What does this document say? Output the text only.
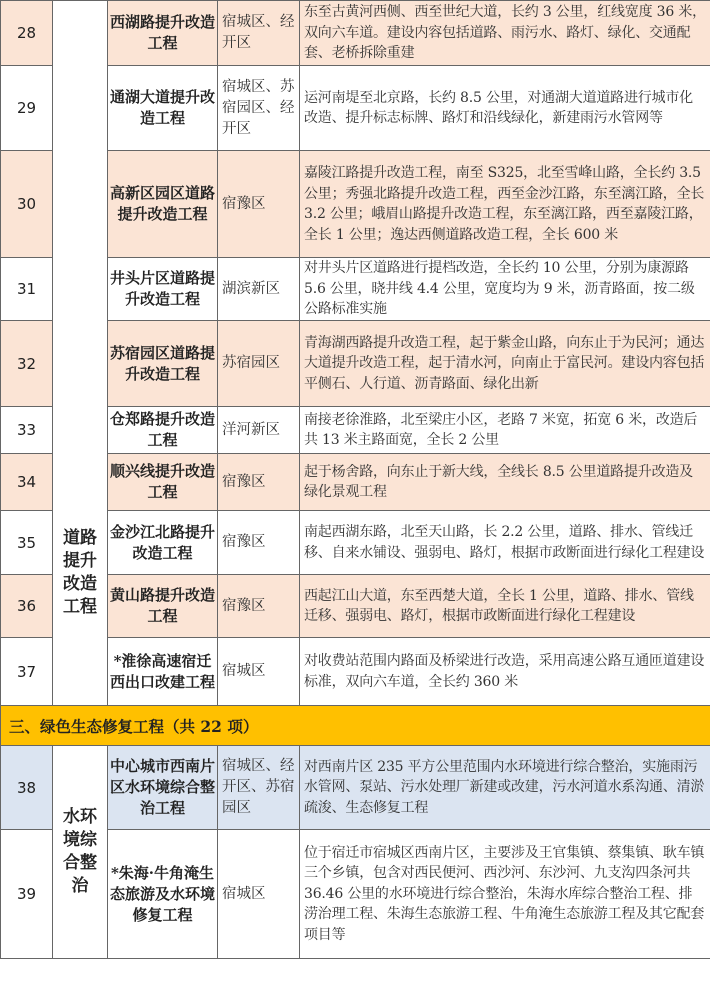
28	道路提升改造工程	西湖路提升改造工程	宿城区、经开区	东至古黄河西侧、西至世纪大道，长约 3 公里，红线宽度 36 米，双向六车道。建设内容包括道路、雨污水、路灯、绿化、交通配套、老桥拆除重建
29		通湖大道提升改造工程	宿城区、苏宿园区、经开区	运河南堤至北京路，长约 8.5 公里，对通湖大道道路进行城市化改造、提升标志标牌、路灯和沿线绿化，新建雨污水管网等
30		高新区园区道路提升改造工程	宿豫区	嘉陵江路提升改造工程，南至 S325，北至雪峰山路，全长约 3.5 公里；秀强北路提升改造工程，西至金沙江路，东至漓江路，全长 3.2 公里；峨眉山路提升改造工程，东至漓江路，西至嘉陵江路，全长 1 公里；逸达西侧道路改造工程，全长 600 米
31		井头片区道路提升改造工程	湖滨新区	对井头片区道路进行提档改造，全长约 10 公里，分别为康源路 5.6 公里，晓井线 4.4 公里，宽度均为 9 米，沥青路面，按二级公路标准实施
32		苏宿园区道路提升改造工程	苏宿园区	青海湖西路提升改造工程，起于紫金山路，向东止于为民河；通达大道提升改造工程，起于清水河，向南止于富民河。建设内容包括平侧石、人行道、沥青路面、绿化出新
33		仓郑路提升改造工程	洋河新区	南接老徐淮路，北至梁庄小区，老路 7 米宽，拓宽 6 米，改造后共 13 米主路面宽，全长 2 公里
34		顺兴线提升改造工程	宿豫区	起于杨舍路，向东止于新大线，全线长 8.5 公里道路提升改造及绿化景观工程
35		金沙江北路提升改造工程	宿豫区	南起西湖东路，北至天山路，长 2.2 公里，道路、排水、管线迁移、自来水铺设、强弱电、路灯，根据市政断面进行绿化工程建设
36		黄山路提升改造工程	宿豫区	西起江山大道，东至西楚大道，全长 1 公里，道路、排水、管线迁移、强弱电、路灯，根据市政断面进行绿化工程建设
37		*淮徐高速宿迁西出口改建工程	宿城区	对收费站范围内路面及桥梁进行改造，采用高速公路互通匝道建设标准，双向六车道，全长约 360 米
三、绿色生态修复工程（共 22 项）				
38	水环境综合整治	中心城市西南片区水环境综合整治工程	宿城区、经开区、苏宿园区	对西南片区 235 平方公里范围内水环境进行综合整治，实施雨污水管网、泵站、污水处理厂新建或改建，污水河道水系沟通、清淤疏浚、生态修复工程
39		*朱海·牛角淹生态旅游及水环境修复工程	宿城区	位于宿迁市宿城区西南片区，主要涉及王官集镇、蔡集镇、耿车镇三个乡镇，包含对西民便河、西沙河、东沙河、九支沟四条河共 36.46 公里的水环境进行综合整治，朱海水库综合整治工程、排涝治理工程、朱海生态旅游工程、牛角淹生态旅游工程及其它配套项目等
